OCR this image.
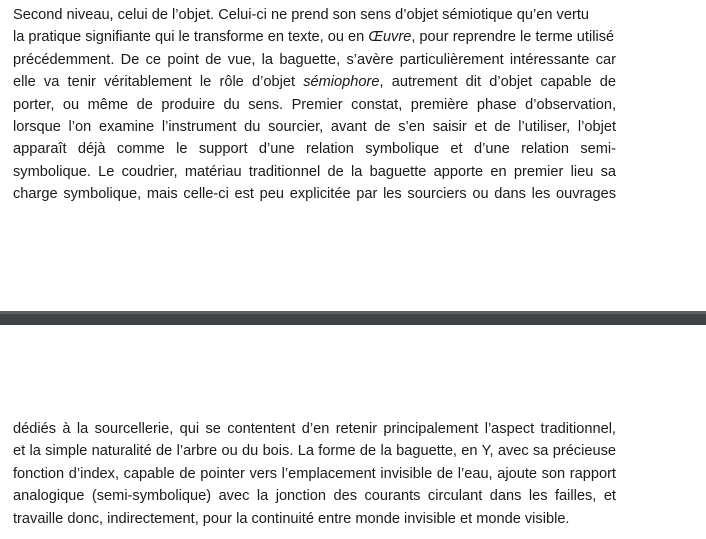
Second niveau, celui de l’objet. Celui-ci ne prend son sens d’objet sémiotique qu’en vertu
la pratique signifiante qui le transforme en texte, ou en Œuvre, pour reprendre le terme utilisé
précédemment. De ce point de vue, la baguette, s’avère particulièrement intéressante car
elle va tenir véritablement le rôle d’objet sémiophore, autrement dit d’objet capable de
porter, ou même de produire du sens. Premier constat, première phase d’observation,
lorsque l’on examine l’instrument du sourcier, avant de s’en saisir et de l’utiliser, l’objet
apparaît déjà comme le support d’une relation symbolique et d’une relation semi-
symbolique. Le coudrier, matériau traditionnel de la baguette apporte en premier lieu sa
charge symbolique, mais celle-ci est peu explicitée par les sourciers ou dans les ouvrages
dédiés à la sourcellerie, qui se contentent d’en retenir principalement l’aspect traditionnel,
et la simple naturalité de l’arbre ou du bois. La forme de la baguette, en Y, avec sa précieuse
fonction d’index, capable de pointer vers l’emplacement invisible de l’eau, ajoute son rapport
analogique (semi-symbolique) avec la jonction des courants circulant dans les failles, et
travaille donc, indirectement, pour la continuité entre monde invisible et monde visible.
